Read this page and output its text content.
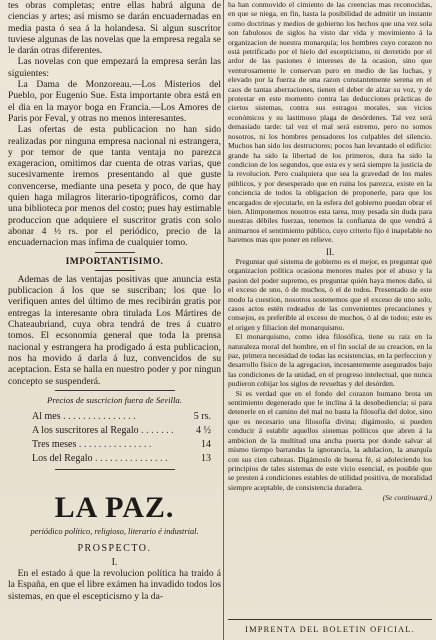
tes obras completas; entre ellas habrá alguna de ciencias y artes; así mismo se darán encuadernadas en media pasta ó sea á la holandesa. Si algun suscritor tuviese algunas de las novelas que la empresa regala se le darán otras diferentes.

Las novelas con que empezará la empresa serán las siguientes:

La Dama de Monzoreau.—Los Misterios del Pueblo, por Eugenio Sue. Esta importante obra está en el dia en la mayor boga en Francia.—Los Amores de Paris por Feval, y otras no menos interesantes.

Las ofertas de esta publicacion no han sido realizadas por ninguna empresa nacional ni estrangera, y por temor de que tanta ventaja no parezca exageracion, omitimos dar cuenta de otras varias, que sucesivamente iremos presentando al que guste convencerse, mediante una peseta y poco, de que hay quien haga milagros literario-tipográficos, como dar una biblioteca por menos del costo; pues hay estimable produccion que adquiere el suscritor gratis con solo abonar 4 ½ rs. por el periódico, precio de la encuadernacion mas ínfima de cualquier tomo.

IMPORTANTISIMO.

Ademas de las ventajas positivas que anuncia esta publicacion á los que se suscriban; los que lo verifiquen antes del último de mes recibirán gratis por entregas la interesante obra titulada Los Mártires de Chateaubriand, cuya obra tendrá de tres á cuatro tomos. El ecsonomía general que toda la prensa nacional y estrangera ha prodigado á esta publicacion, nos ha movido á darla á luz, convencidos de su aceptacion. Esta se halla en nuestro poder y por ningun concepto se suspenderá.

Precios de suscricion fuera de Sevilla.
Al mes . . .	5 rs.
A los suscritores al Regalo . . .	4 ½
Tres meses . . .	14
Los del Regalo . . .	13
LA PAZ.
periódico político, religioso, literario é industrial.
PROSPECTO.
I.

En el estado á que la revolucion política ha traido á la España, en que el libre exámen ha invadido todos los sistemas, en que el escepticismo y la da-

ha han conmovido el cimiento de las creencias mas reconocidas, en que se niega, en fin, hasta la posibilidad de admitir un instante como doctrinas y medios de gobierno los hechos que una vez sola son fabulosos de siglos ha visto dar vida y movimiento á la organizacion de nuestra monarquía; los hombres cuyo corazon no está petrificado por el hielo del escepticismo, ni derretido por el ardor de las pasiones é intereses de la ocasion, sino que venturosamente le conservan puro en medio de las luchas, y elevado por la fuerza de una razon constantemente serena en el caos de tantas aberraciones, tienen el deber de alzar su voz, y de protestar en este momento contra las deducciones prácticas de ciertos sistemas, contra sus estragos morales, sus vicios económicos y su lastimoso plaga de desórdenes. Tal vez será demasiado tarde: tal vez el mal será estremo, pero no somos nosotros, ni los hombres pensadores los culpables del silencio. Muchos han sido los destructores; pocos han levantado el edificio: grande ha sido la libertad de los primeros, dura ha sido la condicion de los segundos, que esta es y será siempre la justicia de la revolucion. Pero cualquiera que sea la gravedad de los males públicos, y por desesperado que en ruina los parezca, existe en la conciencia de todos la obligacion de proponerle, para que los encargados de ejecutarle, en la esfera del gobierno puedan obrar el bien. Alimponemos nosotros esta tarea, muy pesada sin duda para nuestras débiles fuerzas, tenemos la confianza de que vendrá á animarnos el sentimiento público, cuyo criterio fijo é inapelable no haremos mas que poner en relieve.

II.

Preguntar qué sistema de gobierno es el mejor, es preguntar qué organizacion política ocasiona menores males por el abuso y la pasion del poder supremo, es preguntar quién haya menos daño, si el exceso de uno, ó de muchos, ó el de todos. Presentado de este modo la cuestion, nosotros sostenemos que el exceso de uno solo, casos actos estén rodeados de las convenientes precauciones y consejos, es preferible al exceso de muchos, ó al de todos; este es el origen y filiacion del monarquismo.

El monarquismo, como idea filosófica, tiene su raiz en la naturaleza moral del hombre, en el fin social de su creacion, en la paz, primera necesidad de todas las ecsistencias, en la perfeccion y desarrollo físico de la agregacion, incesantemente asegurados bajo las condiciones de la unidad, en el progreso intelectual, que nunca pudieron cobijar los siglos de revueltas y del desórden.

Si es verdad que en el fondo del corazon humano brota un sentimiento degenerado que le inclina á la desobediencia; si para detenerle en el camino del mal no basta la filosofía del dolor, sino que es necesario una filosofía divina; digámoslo, si pueden conducir á establir aquellos sistemas políticos que abren á la ambicion de la multitud una ancha puerta por donde salvar al mismo tiempo barrandas la ignorancia, la adulacion, la anarquía con sus cien cabezas. Digámoslo de buena fé, si adoleciendo los principios de tales sistemas de este vicio esencial, es posible que se presten á condiciones estables de utilidad positiva, de moralidad siempre aceptable, de consistencia duradera.

(Se continuará.)
IMPRENTA DEL BOLETIN OFICIAL.
